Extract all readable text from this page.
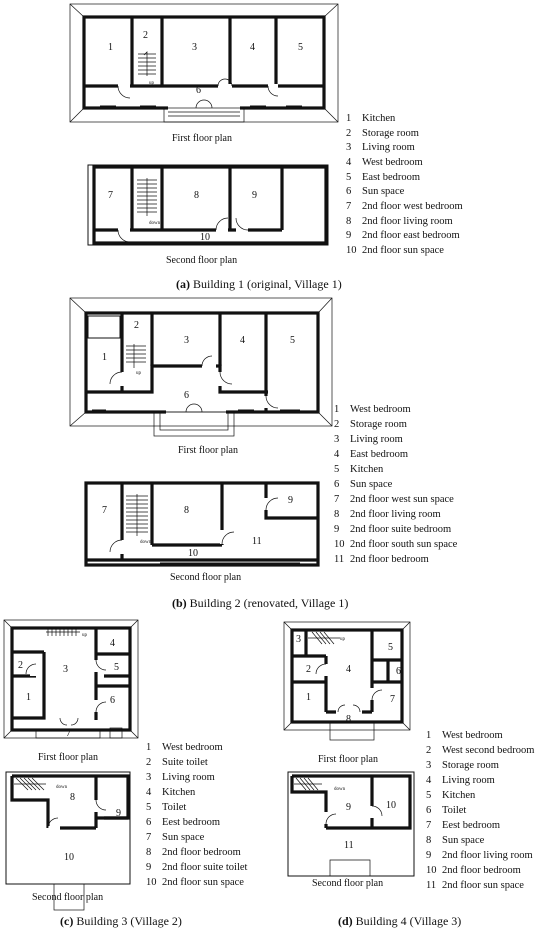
1
2
3	4	5
6
up
First floor plan
7	8	9
10
down
Second floor plan
1 Kitchen
2 Storage room
3 Living room
4 West bedroom
5 East bedroom
6 Sun space
7 2nd floor west bedroom
8 2nd floor living room
9 2nd floor east bedroom
10 2nd floor sun space
(a) Building 1 (original, Village 1)
1
2
3	4	5
6
up
First floor plan
7	8
9
10
11
down
Second floor plan
1 West bedroom
2 Storage room
3 Living room
4 East bedroom
5 Kitchen
6 Sun space
7 2nd floor west sun space
8 2nd floor living room
9 2nd floor suite bedroom
10 2nd floor south sun space
11 2nd floor bedroom
(b) Building 2 (renovated, Village 1)
1
2	3
4
5
6
7
up
First floor plan
8
9
10
down
Second floor plan
1 West bedroom
2 Suite toilet
3 Living room
4 Kitchen
5 Toilet
6 Eest bedroom
7 Sun space
8 2nd floor bedroom
9 2nd floor suite toilet
10 2nd floor sun space
(c) Building 3 (Village 2)
3
2
1
4
5
6
7
8
up
First floor plan
9	10
11
down
Second floor plan
1 West bedroom
2 West second bedroom
3 Storage room
4 Living room
5 Kitchen
6 Toilet
7 Eest bedroom
8 Sun space
9 2nd floor living room
10 2nd floor bedroom
11 2nd floor sun space
(d) Building 4 (Village 3)
